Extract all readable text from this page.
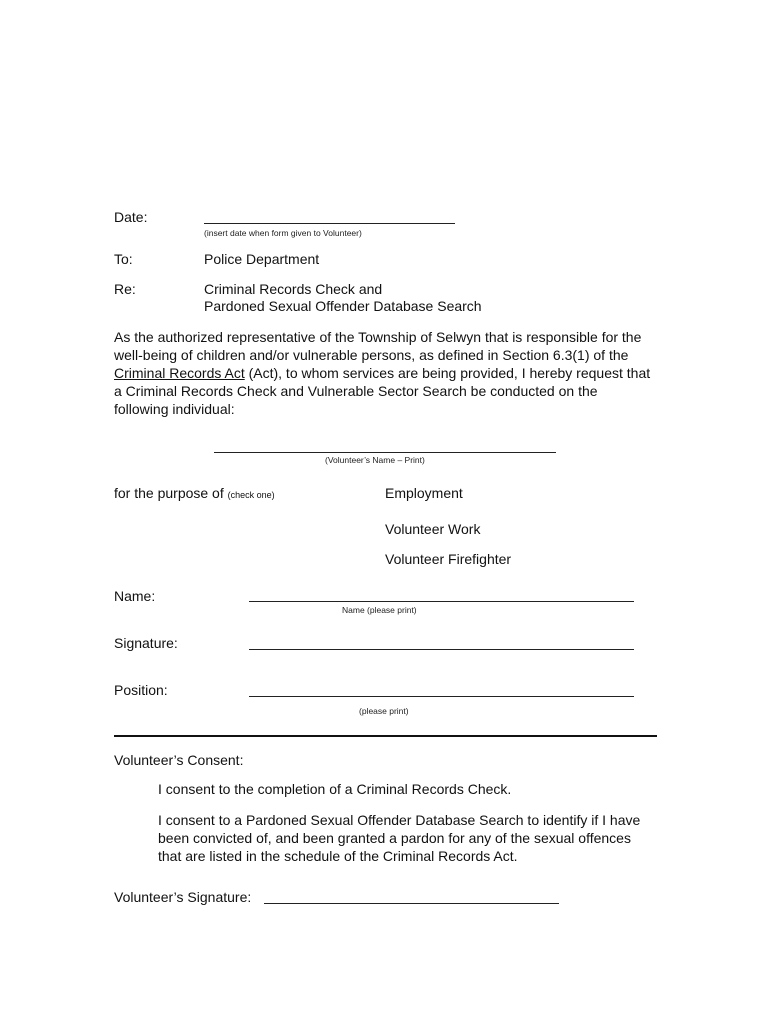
Date:
(insert date when form given to Volunteer)
To:	Police Department
Re:	Criminal Records Check and
Pardoned Sexual Offender Database Search
As the authorized representative of the Township of Selwyn that is responsible for the well-being of children and/or vulnerable persons, as defined in Section 6.3(1) of the Criminal Records Act (Act), to whom services are being provided, I hereby request that a Criminal Records Check and Vulnerable Sector Search be conducted on the following individual:
(Volunteer’s Name – Print)
for the purpose of (check one)	Employment
Volunteer Work
Volunteer Firefighter
Name:
Name (please print)
Signature:
Position:
(please print)
Volunteer’s Consent:
I consent to the completion of a Criminal Records Check.
I consent to a Pardoned Sexual Offender Database Search to identify if I have been convicted of, and been granted a pardon for any of the sexual offences that are listed in the schedule of the Criminal Records Act.
Volunteer’s Signature:
